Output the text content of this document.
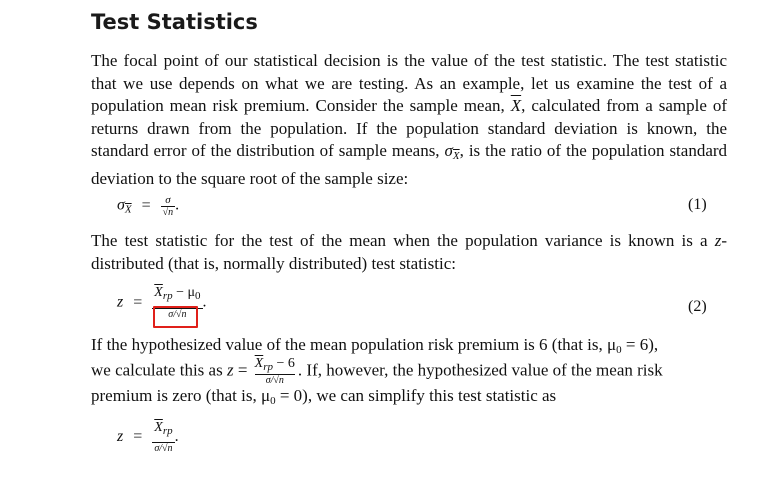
Test Statistics
The focal point of our statistical decision is the value of the test statistic. The test statistic that we use depends on what we are testing. As an example, let us examine the test of a population mean risk premium. Consider the sample mean, $\overline{X}$, calculated from a sample of returns drawn from the population. If the population standard deviation is known, the standard error of the distribution of sample means, $\sigma_{\overline{X}}$, is the ratio of the population standard deviation to the square root of the sample size:
$\sigma_{\overline{X}} = \frac{\sigma}{√n}$ .	(1)
The test statistic for the test of the mean when the population variance is known is a z-distributed (that is, normally distributed) test statistic:
$z = \frac{\overline{X}_{rp} - \mu_0}{\sigma/√n}$ .	(2)
If the hypothesized value of the mean population risk premium is 6 (that is, μ0 = 6),
we calculate this as $z = \frac{\overline{X}_{rp} - 6}{\sigma/√n}$ . If, however, the hypothesized value of the mean risk
premium is zero (that is, μ0 = 0), we can simplify this test statistic as
$z = \frac{\overline{X}_{rp}}{\sigma/√n}$ .
